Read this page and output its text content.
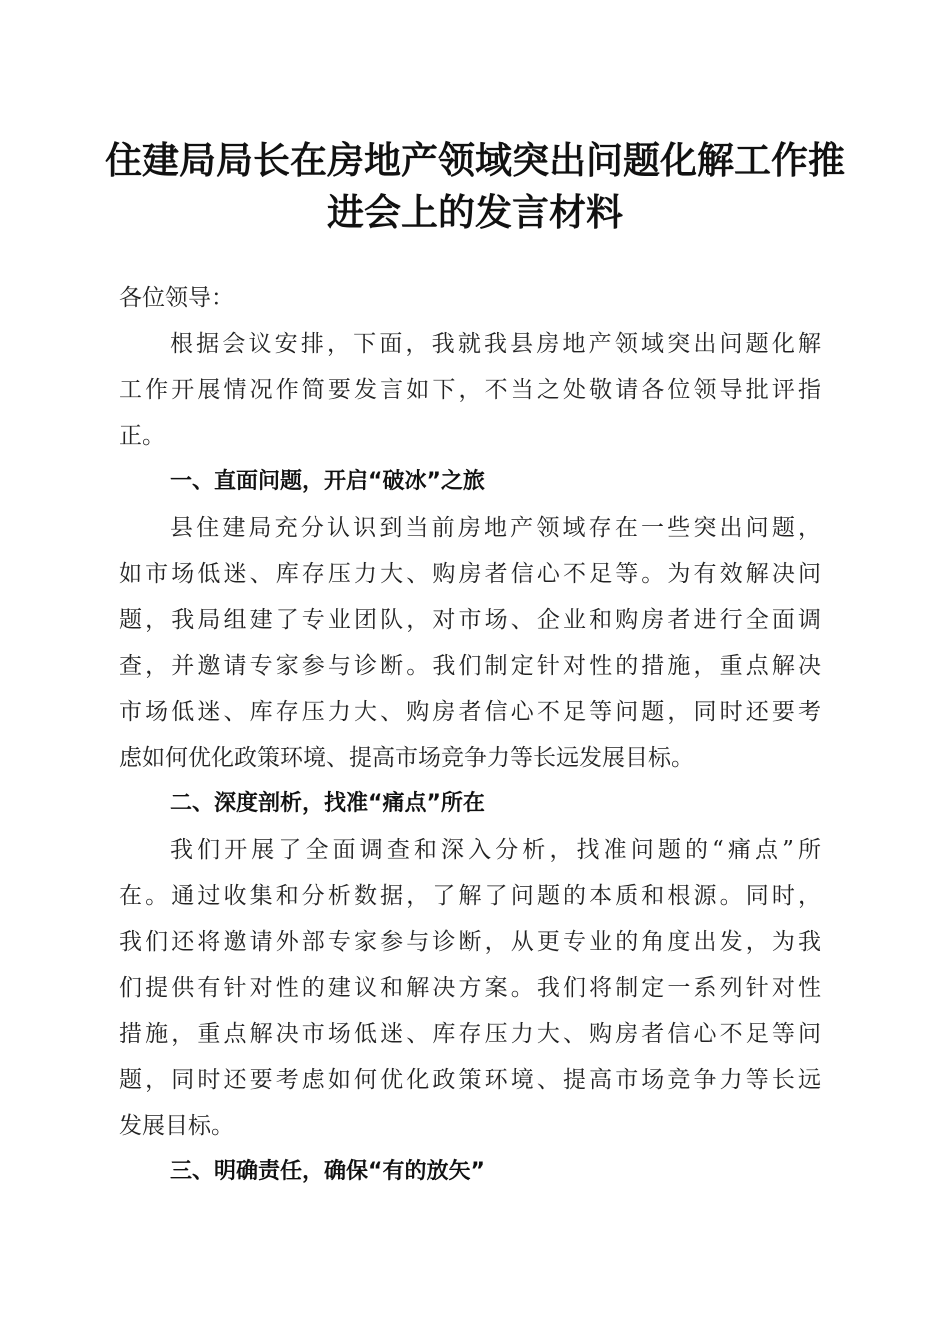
住建局局长在房地产领域突出问题化解工作推
进会上的发言材料
各位领导：
根据会议安排，下面，我就我县房地产领域突出问题化解
工作开展情况作简要发言如下，不当之处敬请各位领导批评指
正。
一、直面问题，开启“破冰”之旅
县住建局充分认识到当前房地产领域存在一些突出问题，
如市场低迷、库存压力大、购房者信心不足等。为有效解决问
题，我局组建了专业团队，对市场、企业和购房者进行全面调
查，并邀请专家参与诊断。我们制定针对性的措施，重点解决
市场低迷、库存压力大、购房者信心不足等问题，同时还要考
虑如何优化政策环境、提高市场竞争力等长远发展目标。
二、深度剖析，找准“痛点”所在
我们开展了全面调查和深入分析，找准问题的“痛点”所
在。通过收集和分析数据，了解了问题的本质和根源。同时，
我们还将邀请外部专家参与诊断，从更专业的角度出发，为我
们提供有针对性的建议和解决方案。我们将制定一系列针对性
措施，重点解决市场低迷、库存压力大、购房者信心不足等问
题，同时还要考虑如何优化政策环境、提高市场竞争力等长远
发展目标。
三、明确责任，确保“有的放矢”
